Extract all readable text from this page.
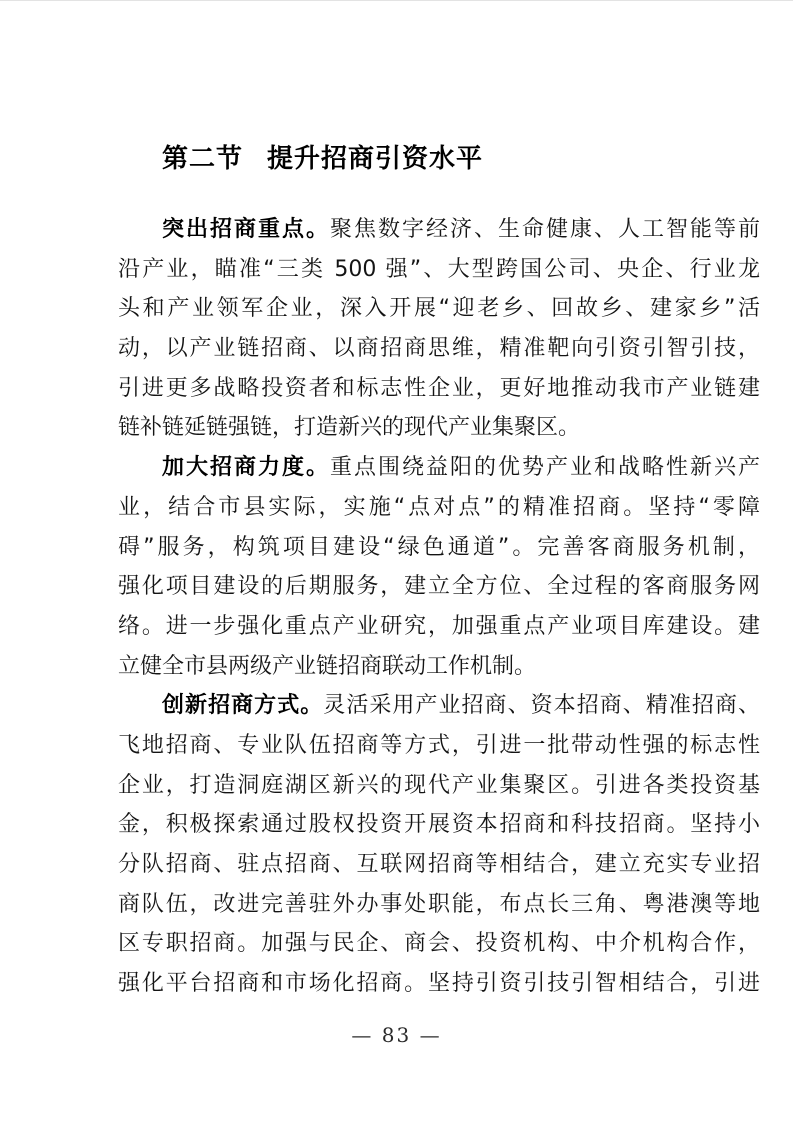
第二节 提升招商引资水平
突出招商重点。聚焦数字经济、生命健康、人工智能等前
沿产业，瞄准“三类 500 强”、大型跨国公司、央企、行业龙
头和产业领军企业，深入开展“迎老乡、回故乡、建家乡”活
动，以产业链招商、以商招商思维，精准靶向引资引智引技，
引进更多战略投资者和标志性企业，更好地推动我市产业链建
链补链延链强链，打造新兴的现代产业集聚区。
加大招商力度。重点围绕益阳的优势产业和战略性新兴产
业，结合市县实际，实施“点对点”的精准招商。坚持“零障
碍”服务，构筑项目建设“绿色通道”。完善客商服务机制，
强化项目建设的后期服务，建立全方位、全过程的客商服务网
络。进一步强化重点产业研究，加强重点产业项目库建设。建
立健全市县两级产业链招商联动工作机制。
创新招商方式。灵活采用产业招商、资本招商、精准招商、
飞地招商、专业队伍招商等方式，引进一批带动性强的标志性
企业，打造洞庭湖区新兴的现代产业集聚区。引进各类投资基
金，积极探索通过股权投资开展资本招商和科技招商。坚持小
分队招商、驻点招商、互联网招商等相结合，建立充实专业招
商队伍，改进完善驻外办事处职能，布点长三角、粤港澳等地
区专职招商。加强与民企、商会、投资机构、中介机构合作，
强化平台招商和市场化招商。坚持引资引技引智相结合，引进
— 83 —
